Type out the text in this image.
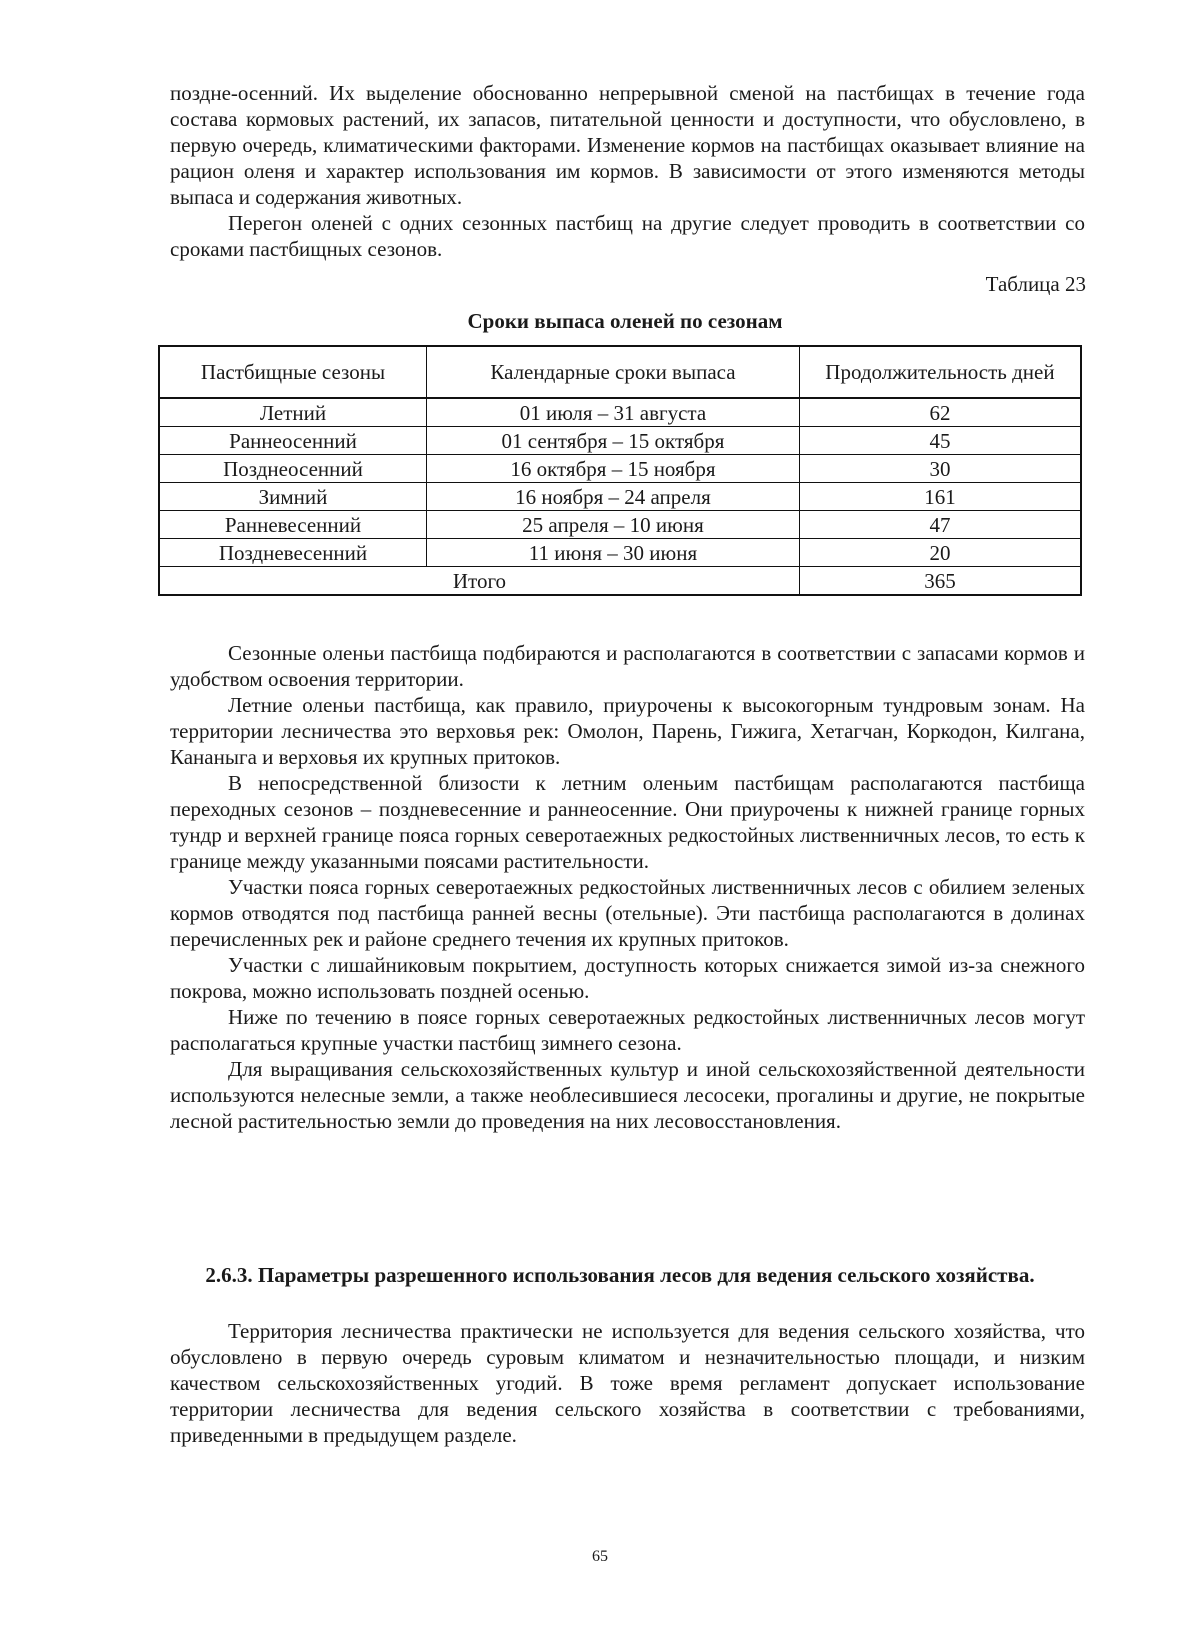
поздне-осенний. Их выделение обоснованно непрерывной сменой на пастбищах в течение года состава кормовых растений, их запасов, питательной ценности и доступности, что обусловлено, в первую очередь, климатическими факторами. Изменение кормов на пастбищах оказывает влияние на рацион оленя и характер использования им кормов. В зависимости от этого изменяются методы выпаса и содержания животных.

Перегон оленей с одних сезонных пастбищ на другие следует проводить в соответствии со сроками пастбищных сезонов.

Таблица 23
Сроки выпаса оленей по сезонам
Пастбищные сезоны	Календарные сроки выпаса	Продолжительность дней
Летний	01 июля – 31 августа	62
Раннеосенний	01 сентября – 15 октября	45
Позднеосенний	16 октября – 15 ноября	30
Зимний	16 ноября – 24 апреля	161
Ранневесенний	25 апреля – 10 июня	47
Поздневесенний	11 июня – 30 июня	20
Итого		365

Сезонные оленьи пастбища подбираются и располагаются в соответствии с запасами кормов и удобством освоения территории.

Летние оленьи пастбища, как правило, приурочены к высокогорным тундровым зонам. На территории лесничества это верховья рек: Омолон, Парень, Гижига, Хетагчан, Коркодон, Килгана, Кананыга и верховья их крупных притоков.

В непосредственной близости к летним оленьим пастбищам располагаются пастбища переходных сезонов – поздневесенние и раннеосенние. Они приурочены к нижней границе горных тундр и верхней границе пояса горных северотаежных редкостойных лиственничных лесов, то есть к границе между указанными поясами растительности.

Участки пояса горных северотаежных редкостойных лиственничных лесов с обилием зеленых кормов отводятся под пастбища ранней весны (отельные). Эти пастбища располагаются в долинах перечисленных рек и районе среднего течения их крупных притоков.

Участки с лишайниковым покрытием, доступность которых снижается зимой из-за снежного покрова, можно использовать поздней осенью.

Ниже по течению в поясе горных северотаежных редкостойных лиственничных лесов могут располагаться крупные участки пастбищ зимнего сезона.

Для выращивания сельскохозяйственных культур и иной сельскохозяйственной деятельности используются нелесные земли, а также необлесившиеся лесосеки, прогалины и другие, не покрытые лесной растительностью земли до проведения на них лесовосстановления.

2.6.3. Параметры разрешенного использования лесов для ведения сельского хозяйства.

Территория лесничества практически не используется для ведения сельского хозяйства, что обусловлено в первую очередь суровым климатом и незначительностью площади, и низким качеством сельскохозяйственных угодий. В тоже время регламент допускает использование территории лесничества для ведения сельского хозяйства в соответствии с требованиями, приведенными в предыдущем разделе.

65
